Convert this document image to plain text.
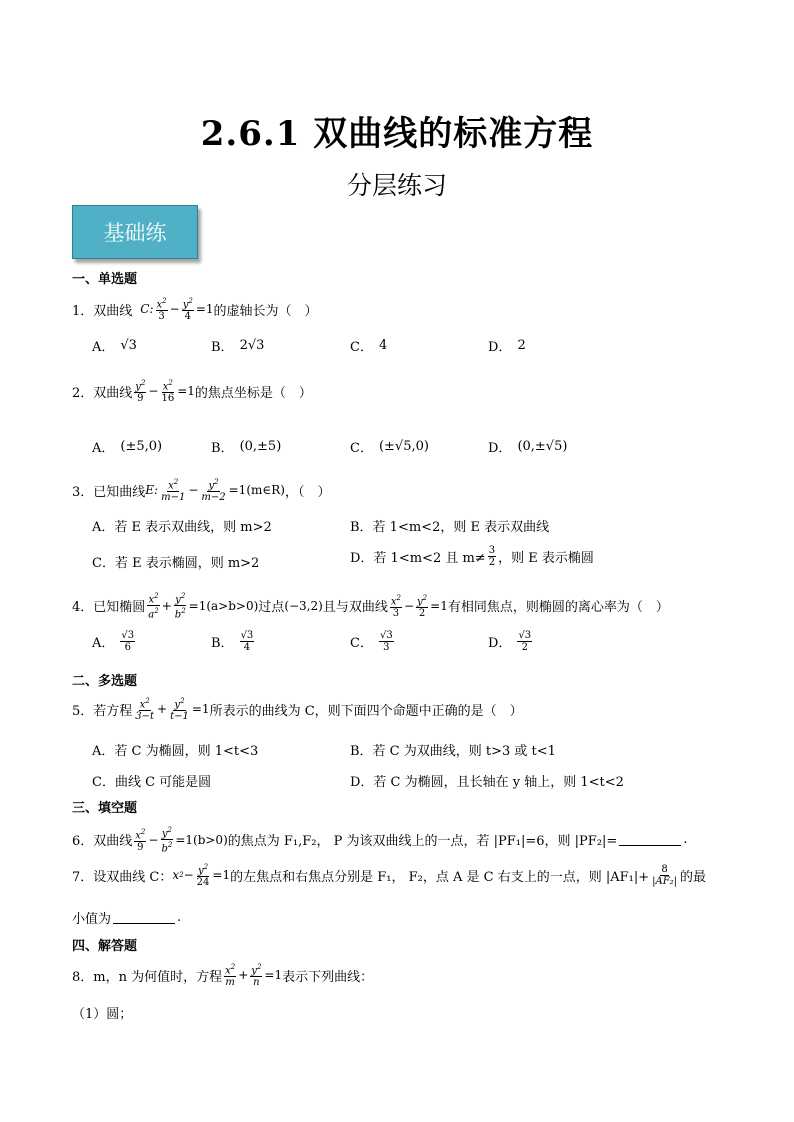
2.6.1 双曲线的标准方程
分层练习
基础练
一、单选题
1．双曲线 C : $\frac{x^2}{3} - \frac{y^2}{4} =1$ 的虚轴长为（　）
A． √3	B． 2√3	C． 4	D． 2
2．双曲线 $\frac{y^2}{9} - \frac{x^2}{16} =1$ 的焦点坐标是（　）
A． (±5,0)	B． (0,±5)	C． (±√5,0)	D． (0,±√5)
3．已知曲线 E : $\frac{x^2}{m-1} - \frac{y^2}{m-2}$ =1(m∈R) ，（　）
A．若 E 表示双曲线，则 m>2	B．若 1<m<2，则 E 表示双曲线
C．若 E 表示椭圆，则 m>2	D．若 1<m<2 且 $m\ne \frac{3}{2}$ ，则 E 表示椭圆
4．已知椭圆 $\frac{x^2}{a^2} + \frac{y^2}{b^2} =1(a>b>0)$ 过点 (−3,2) 且与双曲线 $\frac{x^2}{3} - \frac{y^2}{2} =1$ 有相同焦点，则椭圆的离心率为（　）
A． $\frac{√3}{6}$	B． $\frac{√3}{4}$	C． $\frac{√3}{3}$	D． $\frac{√3}{2}$
二、多选题
5．若方程 $\frac{x^2}{3-t} + \frac{y^2}{t-1} =1$ 所表示的曲线为 C，则下面四个命题中正确的是（　）
A．若 C 为椭圆，则 1<t<3	B．若 C 为双曲线，则 t>3 或 t<1
C．曲线 C 可能是圆	D．若 C 为椭圆，且长轴在 y 轴上，则 1<t<2
三、填空题
6．双曲线 $\frac{x^2}{9} - \frac{y^2}{b^2} =1(b>0)$ 的焦点为 F₁,F₂， P 为该双曲线上的一点，若 |PF₁|=6，则 |PF₂|=	.
7．设双曲线 C： x $2 - \frac{y^2}{24} =1$ 的左焦点和右焦点分别是 F₁， F₂，点 A 是 C 右支上的一点，则 $|AF_1|+ \frac{8}{\text{|AF₂|}}$ 的最
小值为	.
四、解答题
8．m，n 为何值时，方程 $\frac{x^2}{m} + \frac{y^2}{n} =1$ 表示下列曲线：
（1）圆；
